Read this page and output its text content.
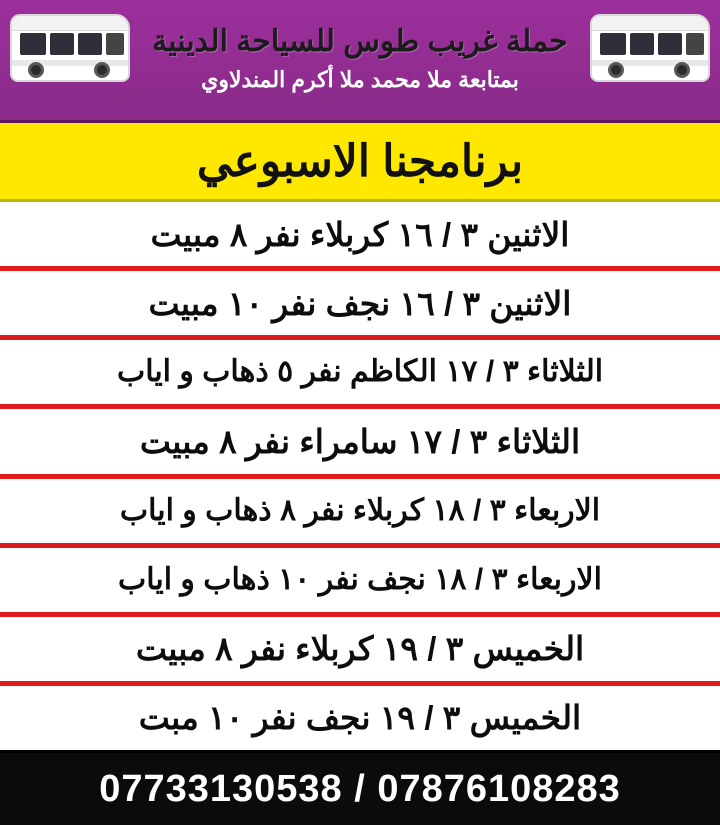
حملة غريب طوس للسياحة الدينية
بمتابعة ملا محمد ملا أكرم المندلاوي
برنامجنا الاسبوعي
الاثنين ٣ / ١٦ كربلاء نفر ٨ مبيت
الاثنين ٣ / ١٦ نجف نفر ١٠ مبيت
الثلاثاء ٣ / ١٧ الكاظم نفر ٥ ذهاب و اياب
الثلاثاء ٣ / ١٧ سامراء نفر ٨ مبيت
الاربعاء ٣ / ١٨ كربلاء نفر ٨ ذهاب و اياب
الاربعاء ٣ / ١٨ نجف نفر ١٠ ذهاب و اياب
الخميس ٣ / ١٩ كربلاء نفر ٨ مبيت
الخميس ٣ / ١٩ نجف نفر ١٠ مبت
07733130538 / 07876108283
